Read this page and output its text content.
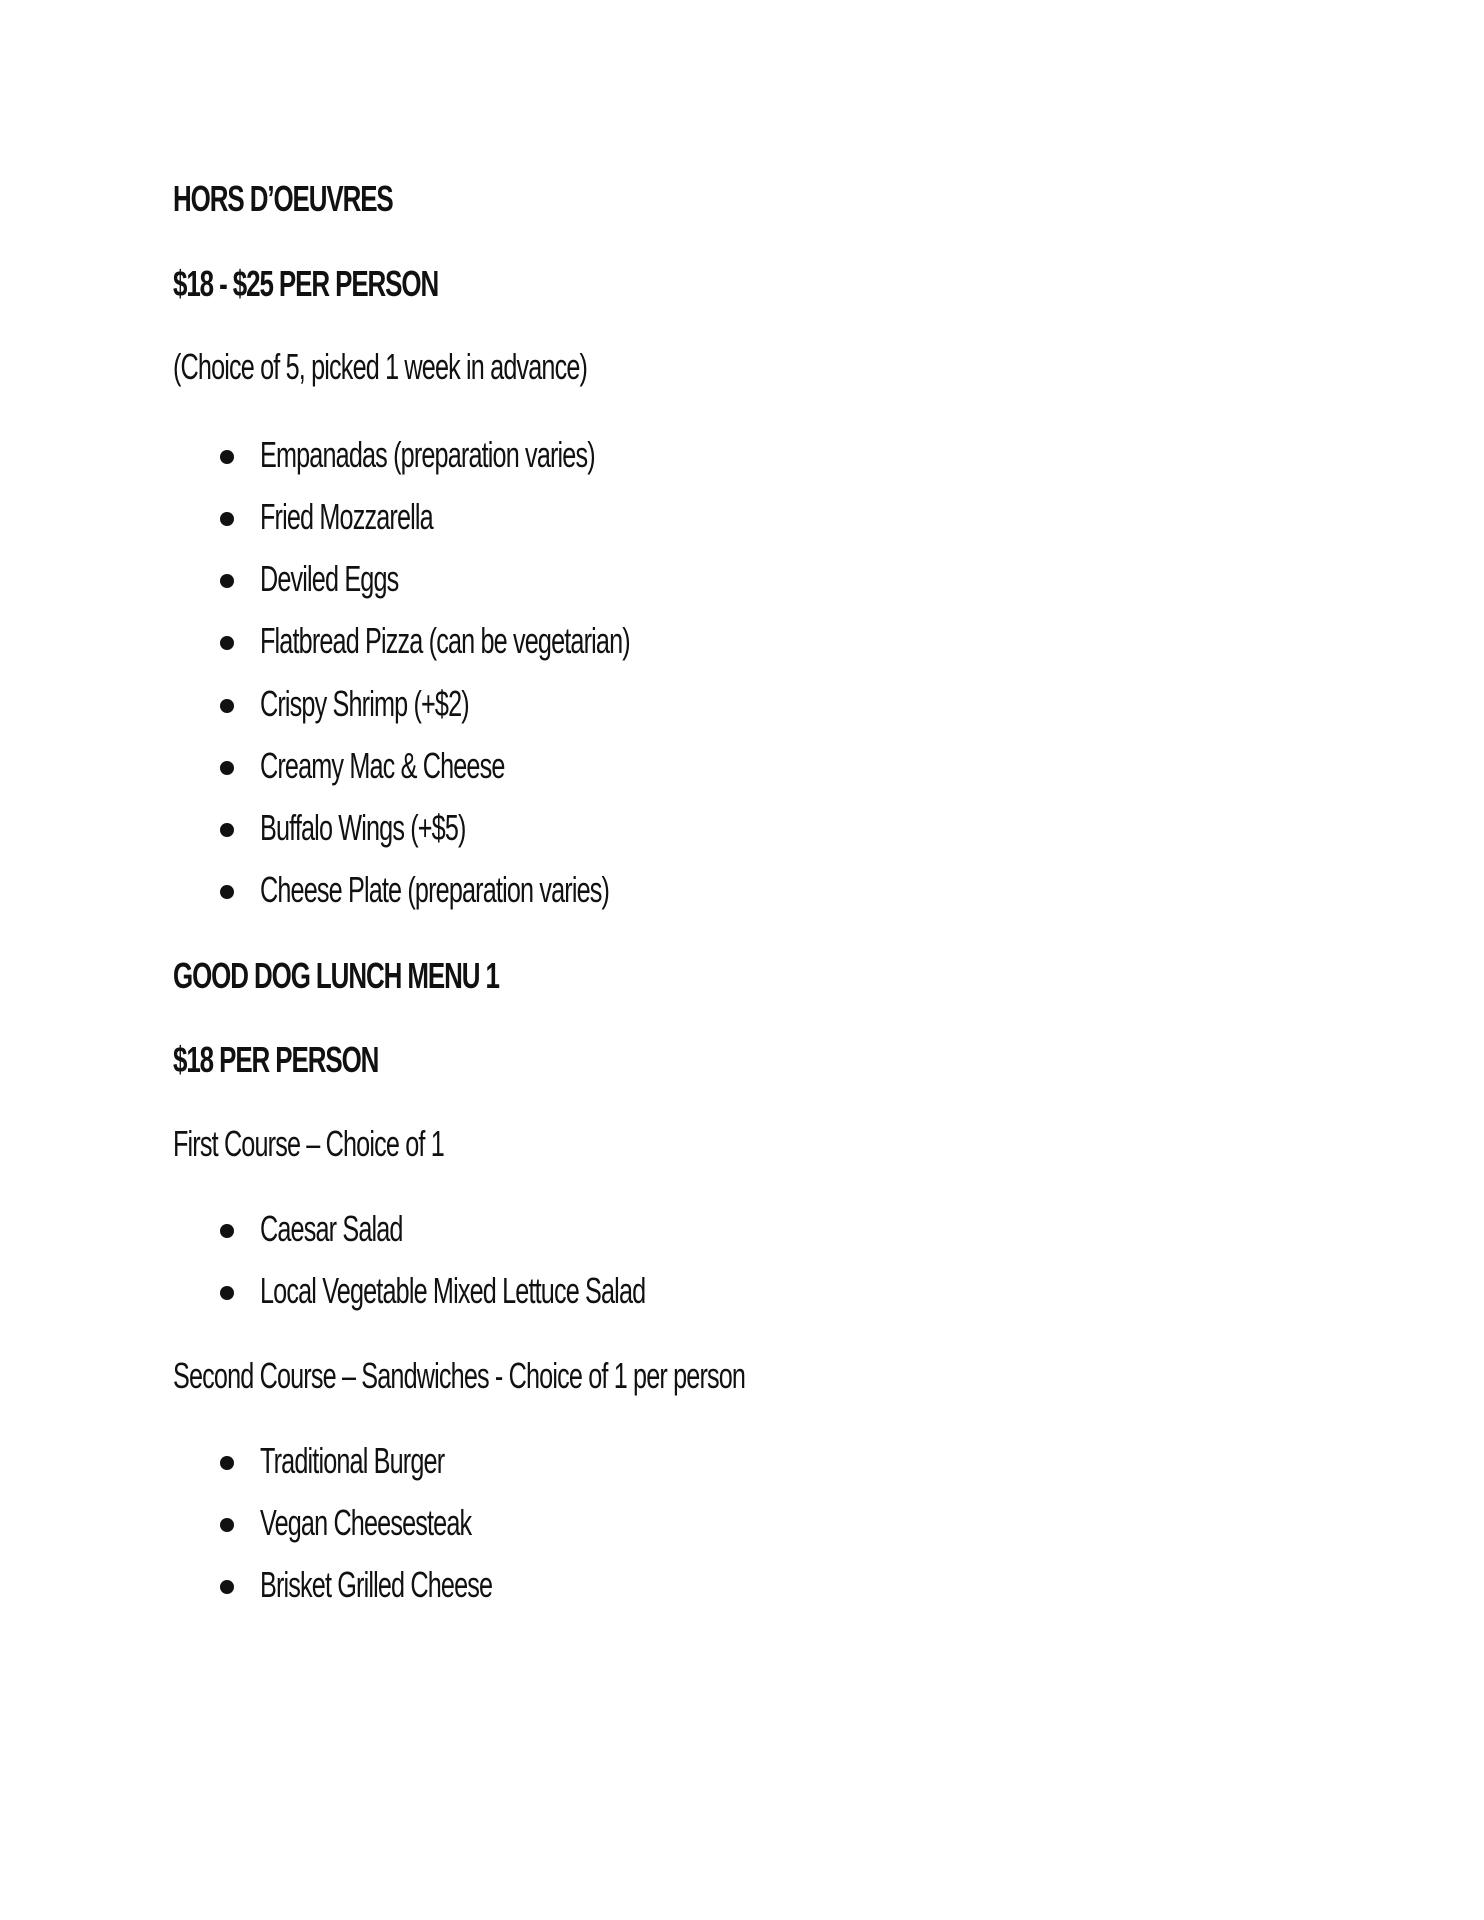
HORS D’OEUVRES
$18 - $25 PER PERSON
(Choice of 5, picked 1 week in advance)
Empanadas (preparation varies)
Fried Mozzarella
Deviled Eggs
Flatbread Pizza (can be vegetarian)
Crispy Shrimp (+$2)
Creamy Mac & Cheese
Buffalo Wings (+$5)
Cheese Plate (preparation varies)
GOOD DOG LUNCH MENU 1
$18 PER PERSON
First Course – Choice of 1
Caesar Salad
Local Vegetable Mixed Lettuce Salad
Second Course – Sandwiches - Choice of 1 per person
Traditional Burger
Vegan Cheesesteak
Brisket Grilled Cheese
